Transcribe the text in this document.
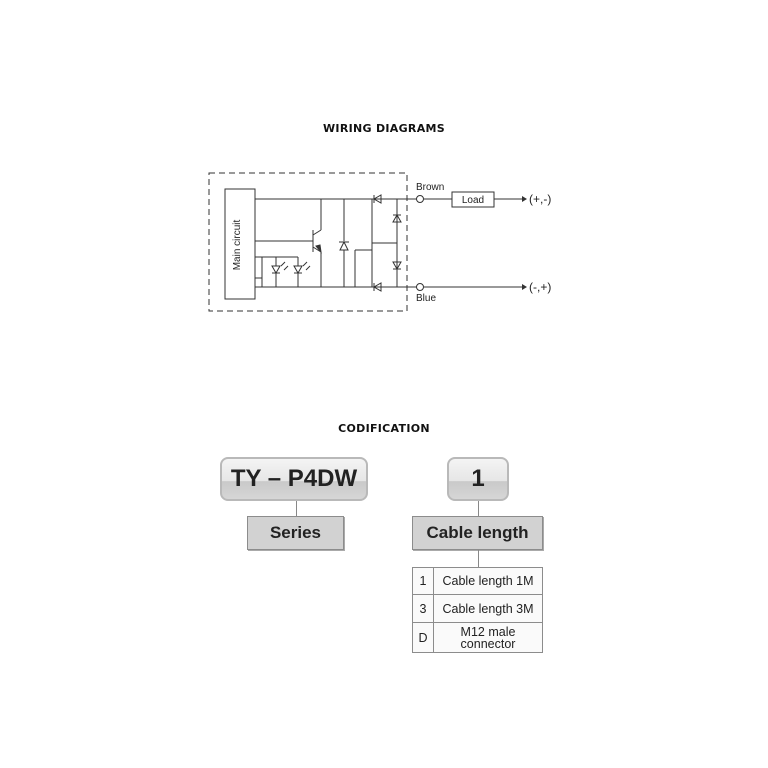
WIRING DIAGRAMS
Main circuit
Brown
Blue
Load	(+,-)
(-,+)
CODIFICATION
TY – P4DW
Series
1
Cable length
1	Cable length 1M
3	Cable length 3M
D	M12 male connector
